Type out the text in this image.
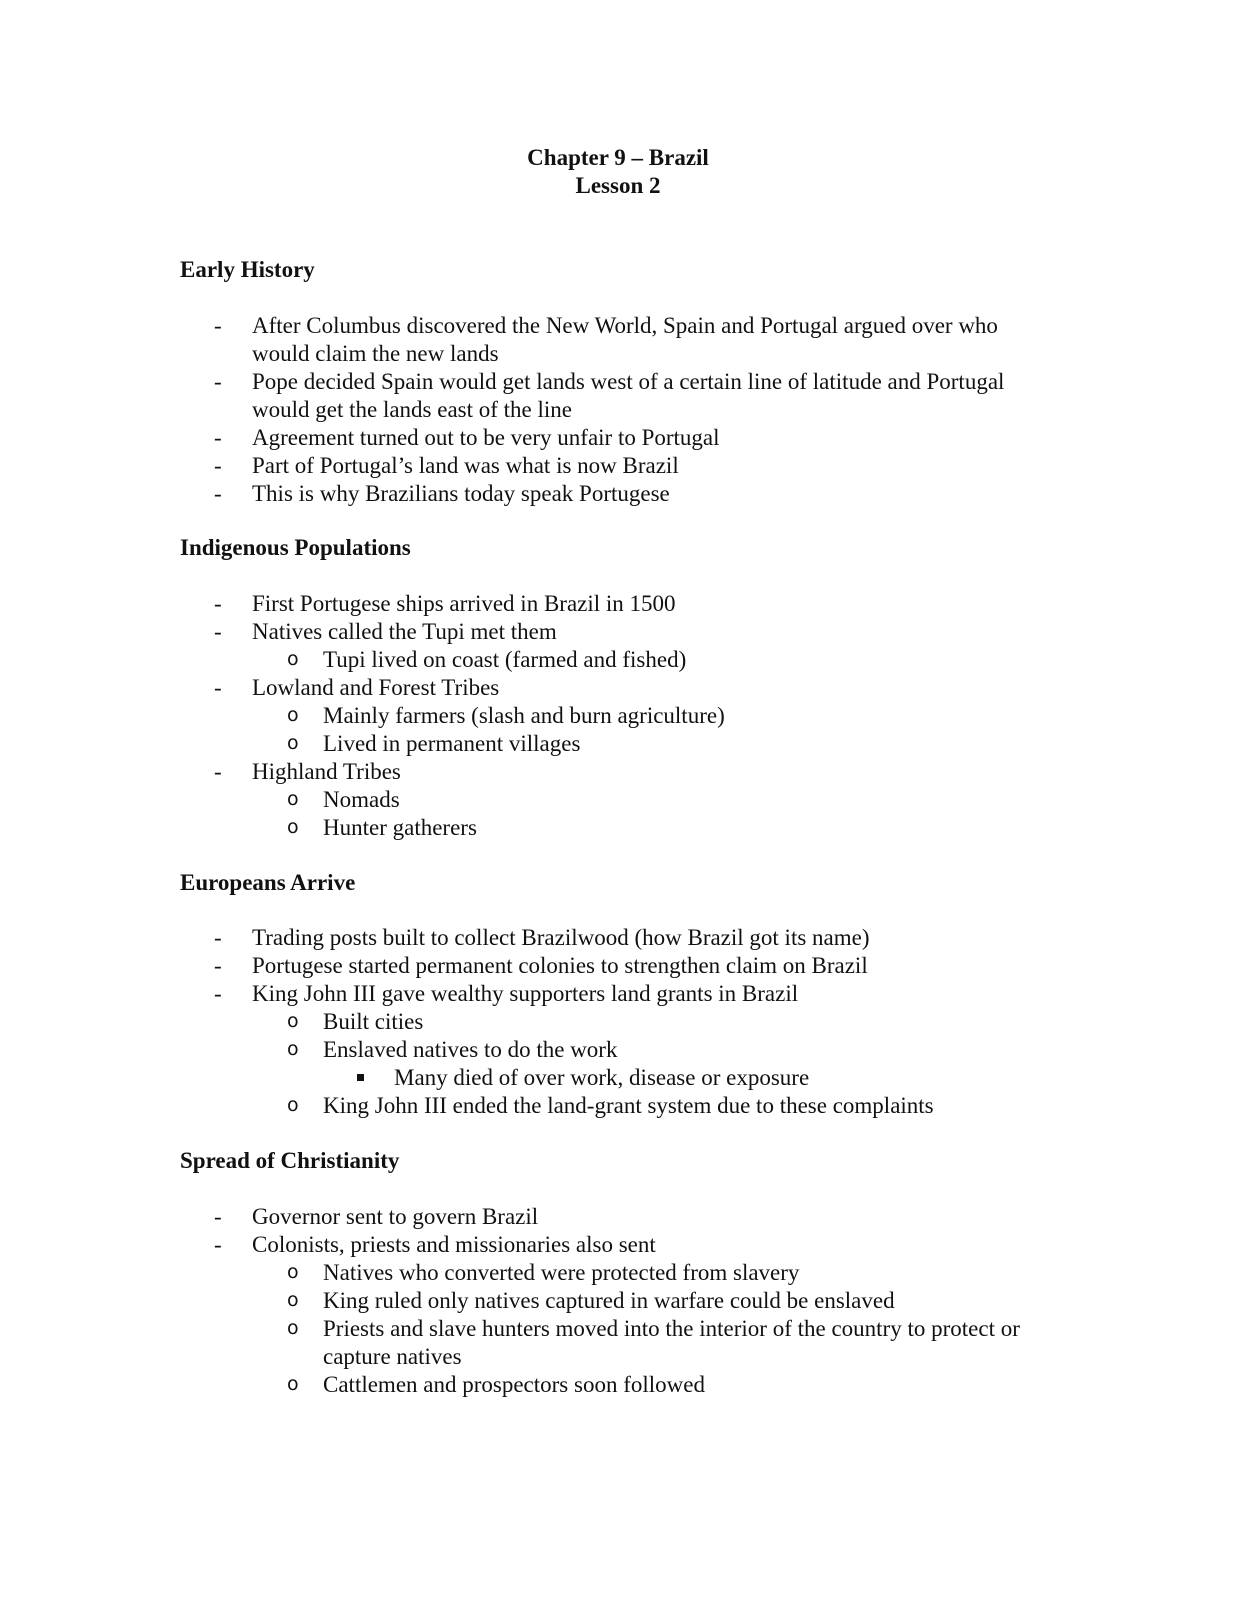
Chapter 9 – Brazil
Lesson 2
Early History
- After Columbus discovered the New World, Spain and Portugal argued over who would claim the new lands
- Pope decided Spain would get lands west of a certain line of latitude and Portugal would get the lands east of the line
- Agreement turned out to be very unfair to Portugal
- Part of Portugal’s land was what is now Brazil
- This is why Brazilians today speak Portugese
Indigenous Populations
- First Portugese ships arrived in Brazil in 1500
- Natives called the Tupi met them
o Tupi lived on coast (farmed and fished)
- Lowland and Forest Tribes
o Mainly farmers (slash and burn agriculture)
o Lived in permanent villages
- Highland Tribes
o Nomads
o Hunter gatherers
Europeans Arrive
- Trading posts built to collect Brazilwood (how Brazil got its name)
- Portugese started permanent colonies to strengthen claim on Brazil
- King John III gave wealthy supporters land grants in Brazil
o Built cities
o Enslaved natives to do the work
Many died of over work, disease or exposure
o King John III ended the land-grant system due to these complaints
Spread of Christianity
- Governor sent to govern Brazil
- Colonists, priests and missionaries also sent
o Natives who converted were protected from slavery
o King ruled only natives captured in warfare could be enslaved
o Priests and slave hunters moved into the interior of the country to protect or capture natives
o Cattlemen and prospectors soon followed
